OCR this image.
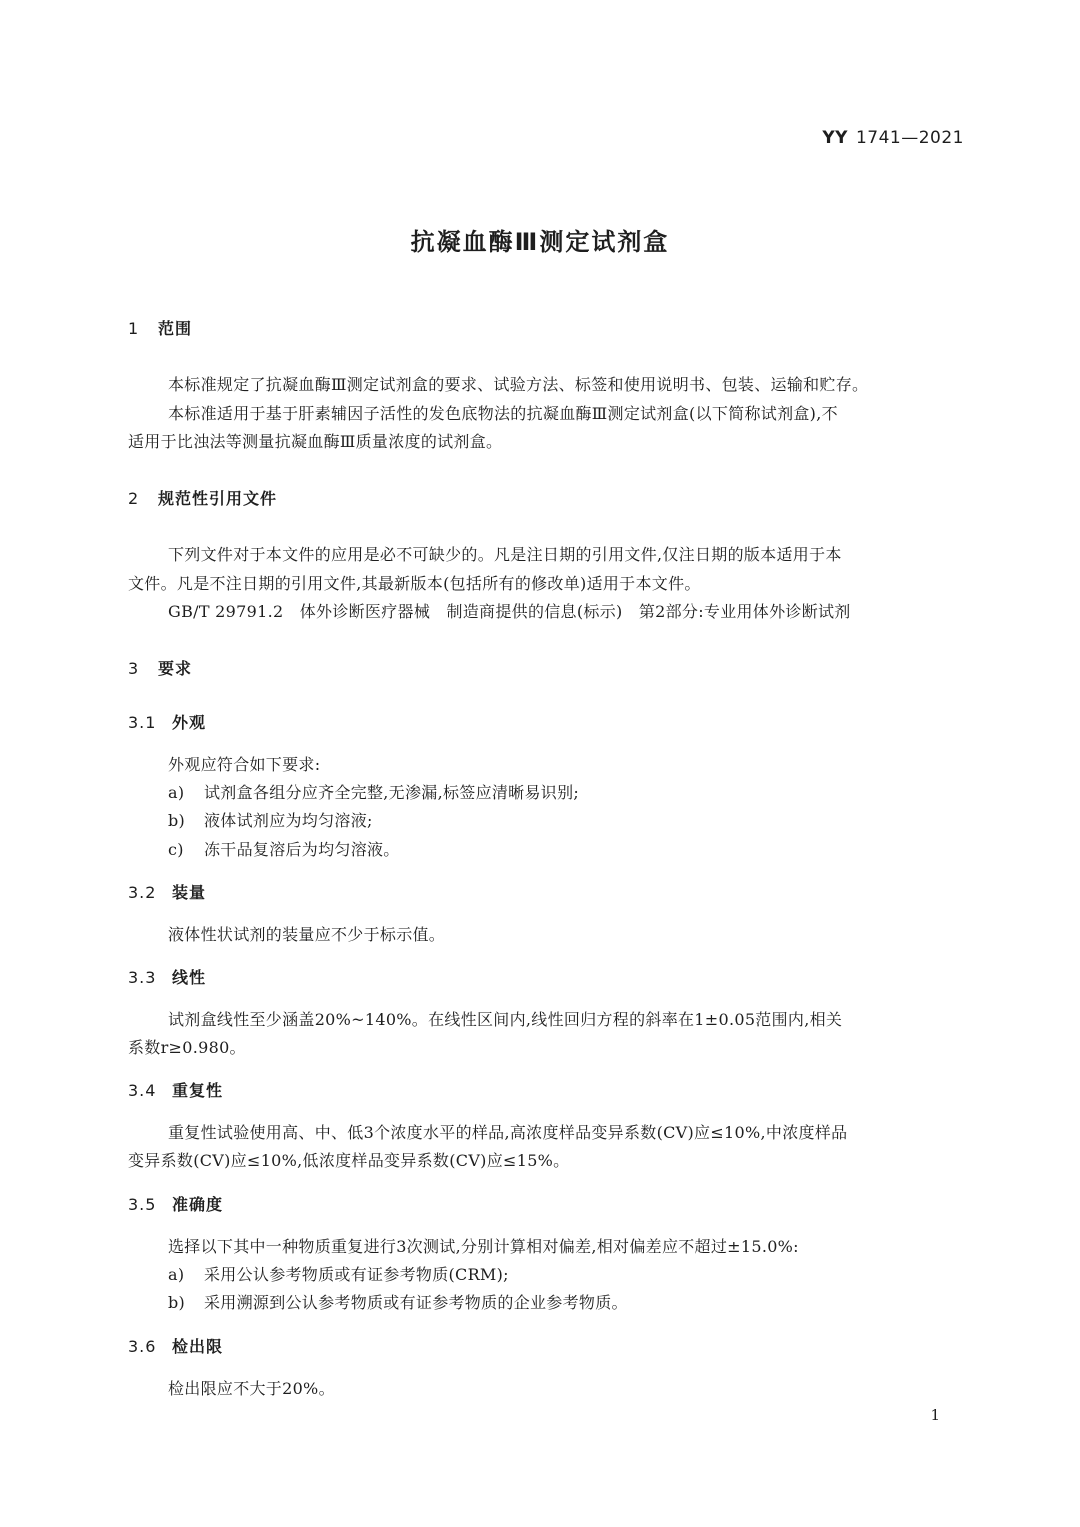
YY 1741—2021
抗凝血酶Ⅲ测定试剂盒
1 范围
本标准规定了抗凝血酶Ⅲ测定试剂盒的要求、试验方法、标签和使用说明书、包装、运输和贮存。
本标准适用于基于肝素辅因子活性的发色底物法的抗凝血酶Ⅲ测定试剂盒(以下简称试剂盒),不
适用于比浊法等测量抗凝血酶Ⅲ质量浓度的试剂盒。
2 规范性引用文件
下列文件对于本文件的应用是必不可缺少的。凡是注日期的引用文件,仅注日期的版本适用于本
文件。凡是不注日期的引用文件,其最新版本(包括所有的修改单)适用于本文件。
GB/T 29791.2　体外诊断医疗器械　制造商提供的信息(标示)　第2部分:专业用体外诊断试剂
3 要求
3.1 外观
外观应符合如下要求:
a) 试剂盒各组分应齐全完整,无渗漏,标签应清晰易识别;
b) 液体试剂应为均匀溶液;
c) 冻干品复溶后为均匀溶液。
3.2 装量
液体性状试剂的装量应不少于标示值。
3.3 线性
试剂盒线性至少涵盖20%~140%。在线性区间内,线性回归方程的斜率在1±0.05范围内,相关
系数r≥0.980。
3.4 重复性
重复性试验使用高、中、低3个浓度水平的样品,高浓度样品变异系数(CV)应≤10%,中浓度样品
变异系数(CV)应≤10%,低浓度样品变异系数(CV)应≤15%。
3.5 准确度
选择以下其中一种物质重复进行3次测试,分别计算相对偏差,相对偏差应不超过±15.0%:
a) 采用公认参考物质或有证参考物质(CRM);
b) 采用溯源到公认参考物质或有证参考物质的企业参考物质。
3.6 检出限
检出限应不大于20%。
1
